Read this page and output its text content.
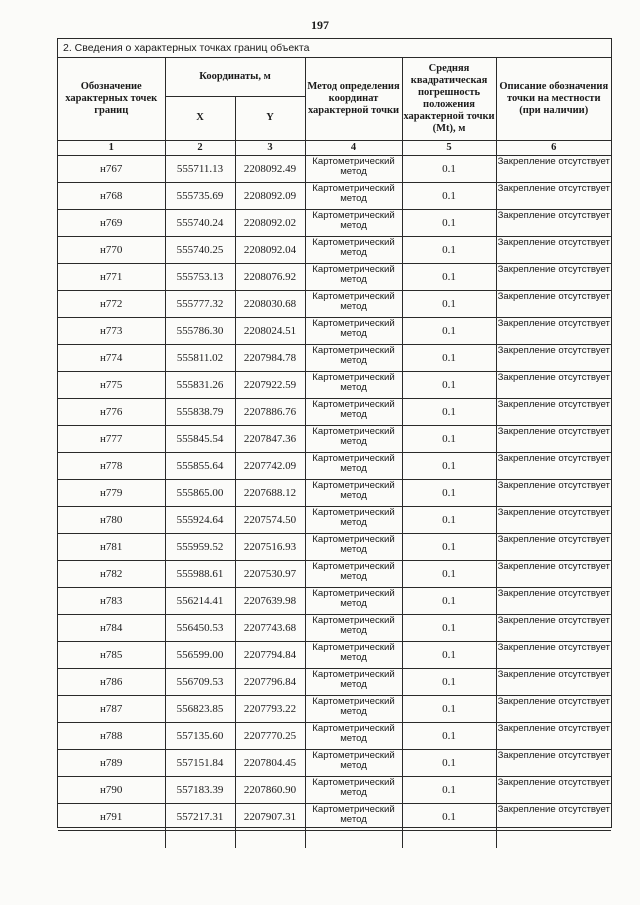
197
2. Сведения о характерных точках границ объекта
Обозначение характерных точек границ	Координаты, м		Метод определения координат характерной точки	Средняя квадратическая погрешность положения характерной точки (Mt), м	Описание обозначения точки на местности (при наличии)
	X	Y			
1	2	3	4	5	6
н767	555711.13	2208092.49	Картометрический метод	0.1	Закрепление отсутствует
н768	555735.69	2208092.09	Картометрический метод	0.1	Закрепление отсутствует
н769	555740.24	2208092.02	Картометрический метод	0.1	Закрепление отсутствует
н770	555740.25	2208092.04	Картометрический метод	0.1	Закрепление отсутствует
н771	555753.13	2208076.92	Картометрический метод	0.1	Закрепление отсутствует
н772	555777.32	2208030.68	Картометрический метод	0.1	Закрепление отсутствует
н773	555786.30	2208024.51	Картометрический метод	0.1	Закрепление отсутствует
н774	555811.02	2207984.78	Картометрический метод	0.1	Закрепление отсутствует
н775	555831.26	2207922.59	Картометрический метод	0.1	Закрепление отсутствует
н776	555838.79	2207886.76	Картометрический метод	0.1	Закрепление отсутствует
н777	555845.54	2207847.36	Картометрический метод	0.1	Закрепление отсутствует
н778	555855.64	2207742.09	Картометрический метод	0.1	Закрепление отсутствует
н779	555865.00	2207688.12	Картометрический метод	0.1	Закрепление отсутствует
н780	555924.64	2207574.50	Картометрический метод	0.1	Закрепление отсутствует
н781	555959.52	2207516.93	Картометрический метод	0.1	Закрепление отсутствует
н782	555988.61	2207530.97	Картометрический метод	0.1	Закрепление отсутствует
н783	556214.41	2207639.98	Картометрический метод	0.1	Закрепление отсутствует
н784	556450.53	2207743.68	Картометрический метод	0.1	Закрепление отсутствует
н785	556599.00	2207794.84	Картометрический метод	0.1	Закрепление отсутствует
н786	556709.53	2207796.84	Картометрический метод	0.1	Закрепление отсутствует
н787	556823.85	2207793.22	Картометрический метод	0.1	Закрепление отсутствует
н788	557135.60	2207770.25	Картометрический метод	0.1	Закрепление отсутствует
н789	557151.84	2207804.45	Картометрический метод	0.1	Закрепление отсутствует
н790	557183.39	2207860.90	Картометрический метод	0.1	Закрепление отсутствует
н791	557217.31	2207907.31	Картометрический метод	0.1	Закрепление отсутствует
